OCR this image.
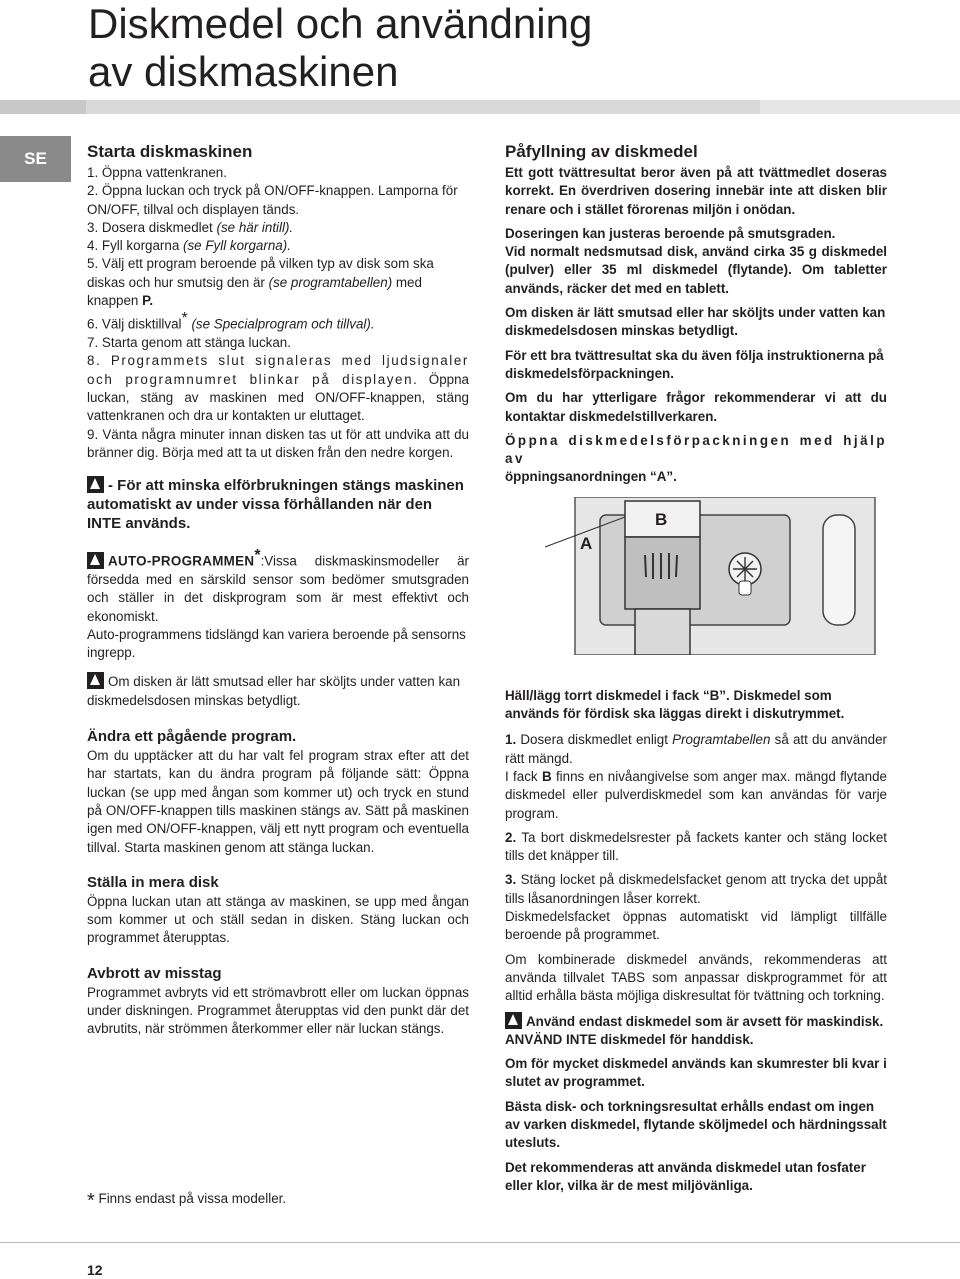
Diskmedel och användning
av diskmaskinen
SE	Starta diskmaskinen

1. Öppna vattenkranen.

2. Öppna luckan och tryck på ON/OFF-knappen. Lamporna för ON/OFF, tillval och displayen tänds.

3. Dosera diskmedlet (se här intill).

4. Fyll korgarna (se Fyll korgarna).

5. Välj ett program beroende på vilken typ av disk som ska diskas och hur smutsig den är (se programtabellen) med knappen P.

6. Välj disktillval* (se Specialprogram och tillval).

7. Starta genom att stänga luckan.

8. Programmets slut signaleras med ljudsignaler och programnumret blinkar på displayen. Öppna luckan, stäng av maskinen med ON/OFF-knappen, stäng vattenkranen och dra ur kontakten ur eluttaget.

9. Vänta några minuter innan disken tas ut för att undvika att du bränner dig. Börja med att ta ut disken från den nedre korgen.

- För att minska elförbrukningen stängs maskinen automatiskt av under vissa förhållanden när den INTE används.

AUTO-PROGRAMMEN*:Vissa diskmaskinsmodeller är försedda med en särskild sensor som bedömer smutsgraden och ställer in det diskprogram som är mest effektivt och ekonomiskt.

Auto-programmens tidslängd kan variera beroende på sensorns ingrepp.

Om disken är lätt smutsad eller har sköljts under vatten kan diskmedelsdosen minskas betydligt.

Ändra ett pågående program.

Om du upptäcker att du har valt fel program strax efter att det har startats, kan du ändra program på följande sätt: Öppna luckan (se upp med ångan som kommer ut) och tryck en stund på ON/OFF-knappen tills maskinen stängs av. Sätt på maskinen igen med ON/OFF-knappen, välj ett nytt program och eventuella tillval. Starta maskinen genom att stänga luckan.

Ställa in mera disk

Öppna luckan utan att stänga av maskinen, se upp med ångan som kommer ut och ställ sedan in disken. Stäng luckan och programmet återupptas.

Avbrott av misstag

Programmet avbryts vid ett strömavbrott eller om luckan öppnas under diskningen. Programmet återupptas vid den punkt där det avbrutits, när strömmen återkommer eller när luckan stängs.

Påfyllning av diskmedel

Ett gott tvättresultat beror även på att tvättmedlet doseras korrekt. En överdriven dosering innebär inte att disken blir renare och i stället förorenas miljön i onödan.

Doseringen kan justeras beroende på smutsgraden.

Vid normalt nedsmutsad disk, använd cirka 35 g diskmedel (pulver) eller 35 ml diskmedel (flytande). Om tabletter används, räcker det med en tablett.

Om disken är lätt smutsad eller har sköljts under vatten kan diskmedelsdosen minskas betydligt.

För ett bra tvättresultat ska du även följa instruktionerna på diskmedelsförpackningen.

Om du har ytterligare frågor rekommenderar vi att du kontaktar diskmedelstillverkaren.

Öppna diskmedelsförpackningen med hjälp av

öppningsanordningen “A”.

A
B

Häll/lägg torrt diskmedel i fack “B”. Diskmedel som används för fördisk ska läggas direkt i diskutrymmet.

1. Dosera diskmedlet enligt Programtabellen så att du använder rätt mängd.

I fack B finns en nivåangivelse som anger max. mängd flytande diskmedel eller pulverdiskmedel som kan användas för varje program.

2. Ta bort diskmedelsrester på fackets kanter och stäng locket tills det knäpper till.

3. Stäng locket på diskmedelsfacket genom att trycka det uppåt tills låsanordningen låser korrekt.

Diskmedelsfacket öppnas automatiskt vid lämpligt tillfälle beroende på programmet.

Om kombinerade diskmedel används, rekommenderas att använda tillvalet TABS som anpassar diskprogrammet för att alltid erhålla bästa möjliga diskresultat för tvättning och torkning.

Använd endast diskmedel som är avsett för maskindisk.

ANVÄND INTE diskmedel för handdisk.

Om för mycket diskmedel används kan skumrester bli kvar i slutet av programmet.

Bästa disk- och torkningsresultat erhålls endast om ingen av varken diskmedel, flytande sköljmedel och härdningssalt utesluts.

Det rekommenderas att använda diskmedel utan fosfater eller klor, vilka är de mest miljövänliga.

* Finns endast på vissa modeller.
12
